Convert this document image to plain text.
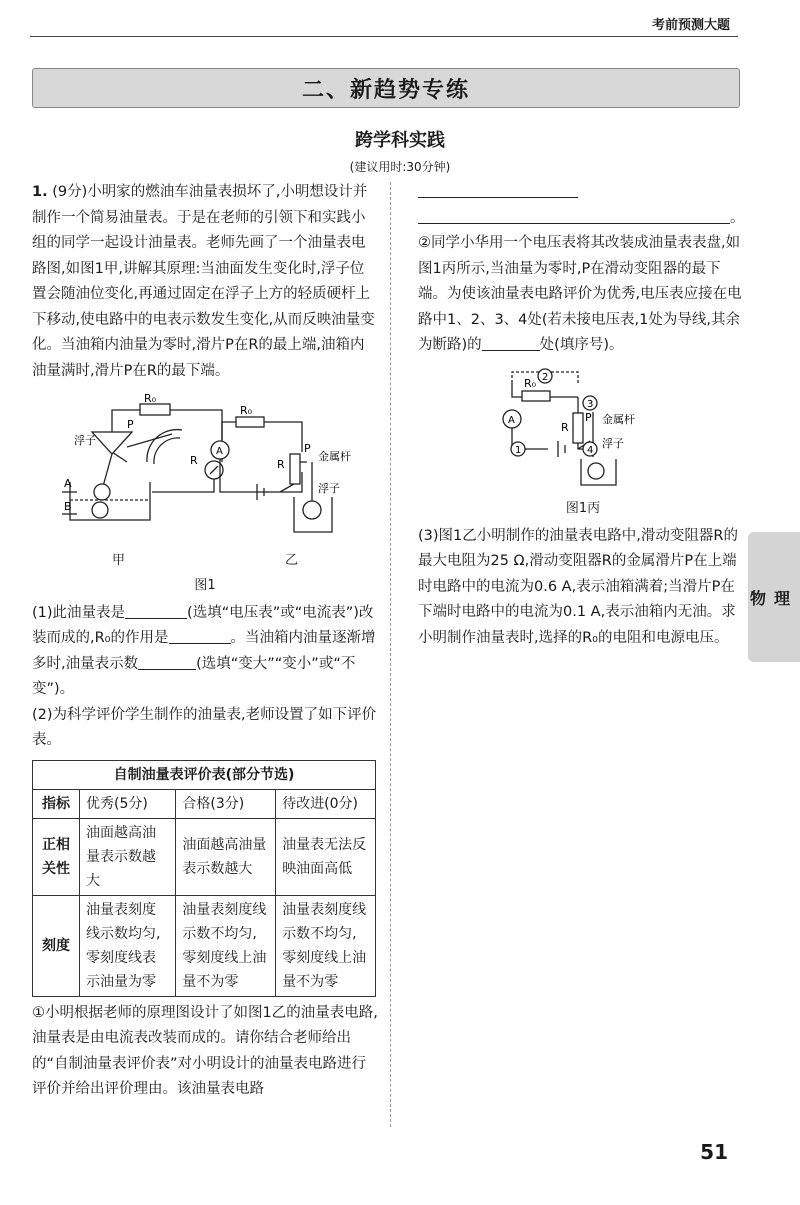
考前预测大题
二、新趋势专练
跨学科实践
(建议用时:30分钟)

1. (9分)小明家的燃油车油量表损坏了,小明想设计并制作一个简易油量表。于是在老师的引领下和实践小组的同学一起设计油量表。老师先画了一个油量表电路图,如图1甲,讲解其原理:当油面发生变化时,浮子位置会随油位变化,再通过固定在浮子上方的轻质硬杆上下移动,使电路中的电表示数发生变化,从而反映油量变化。当油箱内油量为零时,滑片P在R的最上端,油箱内油量满时,滑片P在R的最下端。

R₀
P
R
A
B
浮子
A
R₀
R
P
金属杆
浮子
甲	乙
图1

(1)此油量表是	(选填“电压表”或“电流表”)改装而成的,R₀的作用是	。当油箱内油量逐渐增多时,油量表示数	(选填“变大”“变小”或“不变”)。

(2)为科学评价学生制作的油量表,老师设置了如下评价表。

自制油量表评价表(部分节选)			
指标	优秀(5分)	合格(3分)	待改进(0分)
正相关性	油面越高油量表示数越大	油面越高油量表示数越大	油量表无法反映油面高低
刻度	油量表刻度线示数均匀,零刻度线表示油量为零	油量表刻度线示数不均匀,零刻度线上油量不为零	油量表刻度线示数不均匀,零刻度线上油量不为零

①小明根据老师的原理图设计了如图1乙的油量表电路,油量表是由电流表改装而成的。请你结合老师给出的“自制油量表评价表”对小明设计的油量表电路进行评价并给出评价理由。该油量表电路

。

②同学小华用一个电压表将其改装成油量表表盘,如图1丙所示,当油量为零时,P在滑动变阻器的最下端。为使该油量表电路评价为优秀,电压表应接在电路中1、2、3、4处(若未接电压表,1处为导线,其余为断路)的	处(填序号)。

2
3
1	4
A
R₀
R
P 金属杆
浮子
图1丙

(3)图1乙小明制作的油量表电路中,滑动变阻器R的最大电阻为25 Ω,滑动变阻器R的金属滑片P在上端时电路中的电流为0.6 A,表示油箱满着;当滑片P在下端时电路中的电流为0.1 A,表示油箱内无油。求小明制作油量表时,选择的R₀的电阻和电源电压。

物理
51
